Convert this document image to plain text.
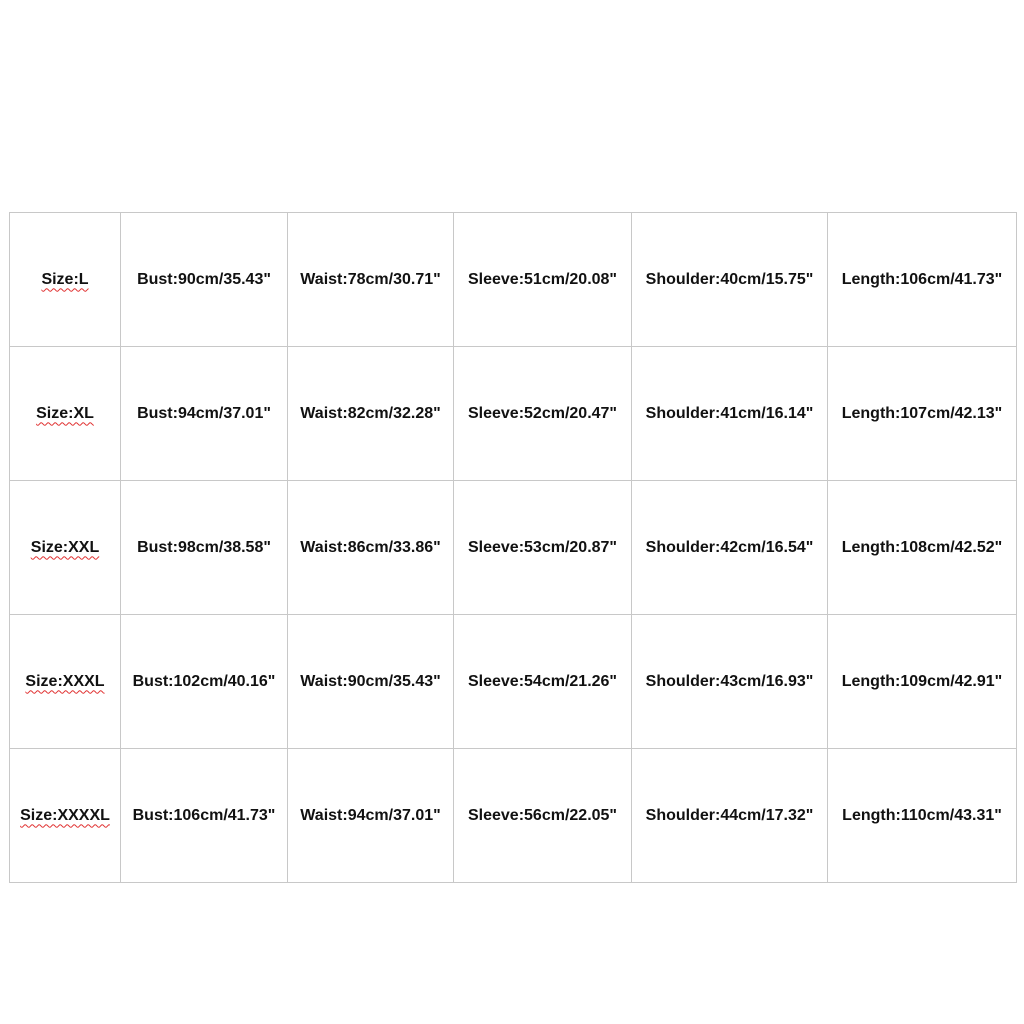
Size:L	Bust:90cm/35.43"	Waist:78cm/30.71"	Sleeve:51cm/20.08"	Shoulder:40cm/15.75"	Length:106cm/41.73"
Size:XL	Bust:94cm/37.01"	Waist:82cm/32.28"	Sleeve:52cm/20.47"	Shoulder:41cm/16.14"	Length:107cm/42.13"
Size:XXL	Bust:98cm/38.58"	Waist:86cm/33.86"	Sleeve:53cm/20.87"	Shoulder:42cm/16.54"	Length:108cm/42.52"
Size:XXXL	Bust:102cm/40.16"	Waist:90cm/35.43"	Sleeve:54cm/21.26"	Shoulder:43cm/16.93"	Length:109cm/42.91"
Size:XXXXL	Bust:106cm/41.73"	Waist:94cm/37.01"	Sleeve:56cm/22.05"	Shoulder:44cm/17.32"	Length:110cm/43.31"
